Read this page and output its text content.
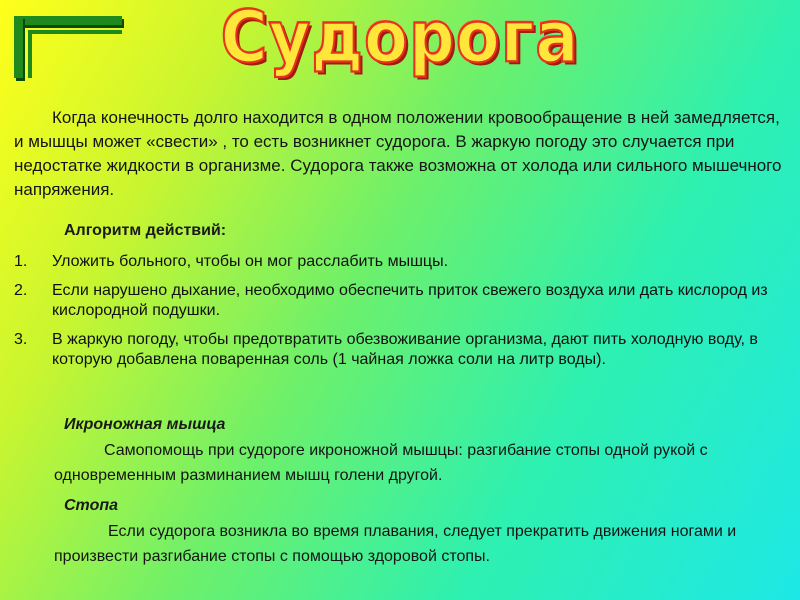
Судорога
Когда конечность долго находится в одном положении кровообращение в ней замедляется, и мышцы может «свести» , то есть возникнет судорога. В жаркую погоду это случается при недостатке жидкости в организме. Судорога также возможна от холода или сильного мышечного напряжения.
Алгоритм действий:
1. Уложить больного, чтобы он мог расслабить мышцы.
2. Если нарушено дыхание, необходимо обеспечить приток свежего воздуха или дать кислород из кислородной подушки.
3. В жаркую погоду, чтобы предотвратить обезвоживание организма, дают пить холодную воду, в которую добавлена поваренная соль (1 чайная ложка соли на литр воды).
Икроножная мышца
Самопомощь при судороге икроножной мышцы: разгибание стопы одной рукой с одновременным разминанием мышц голени другой.
Стопа
Если судорога возникла во время плавания, следует прекратить движения ногами и произвести разгибание стопы с помощью здоровой стопы.
